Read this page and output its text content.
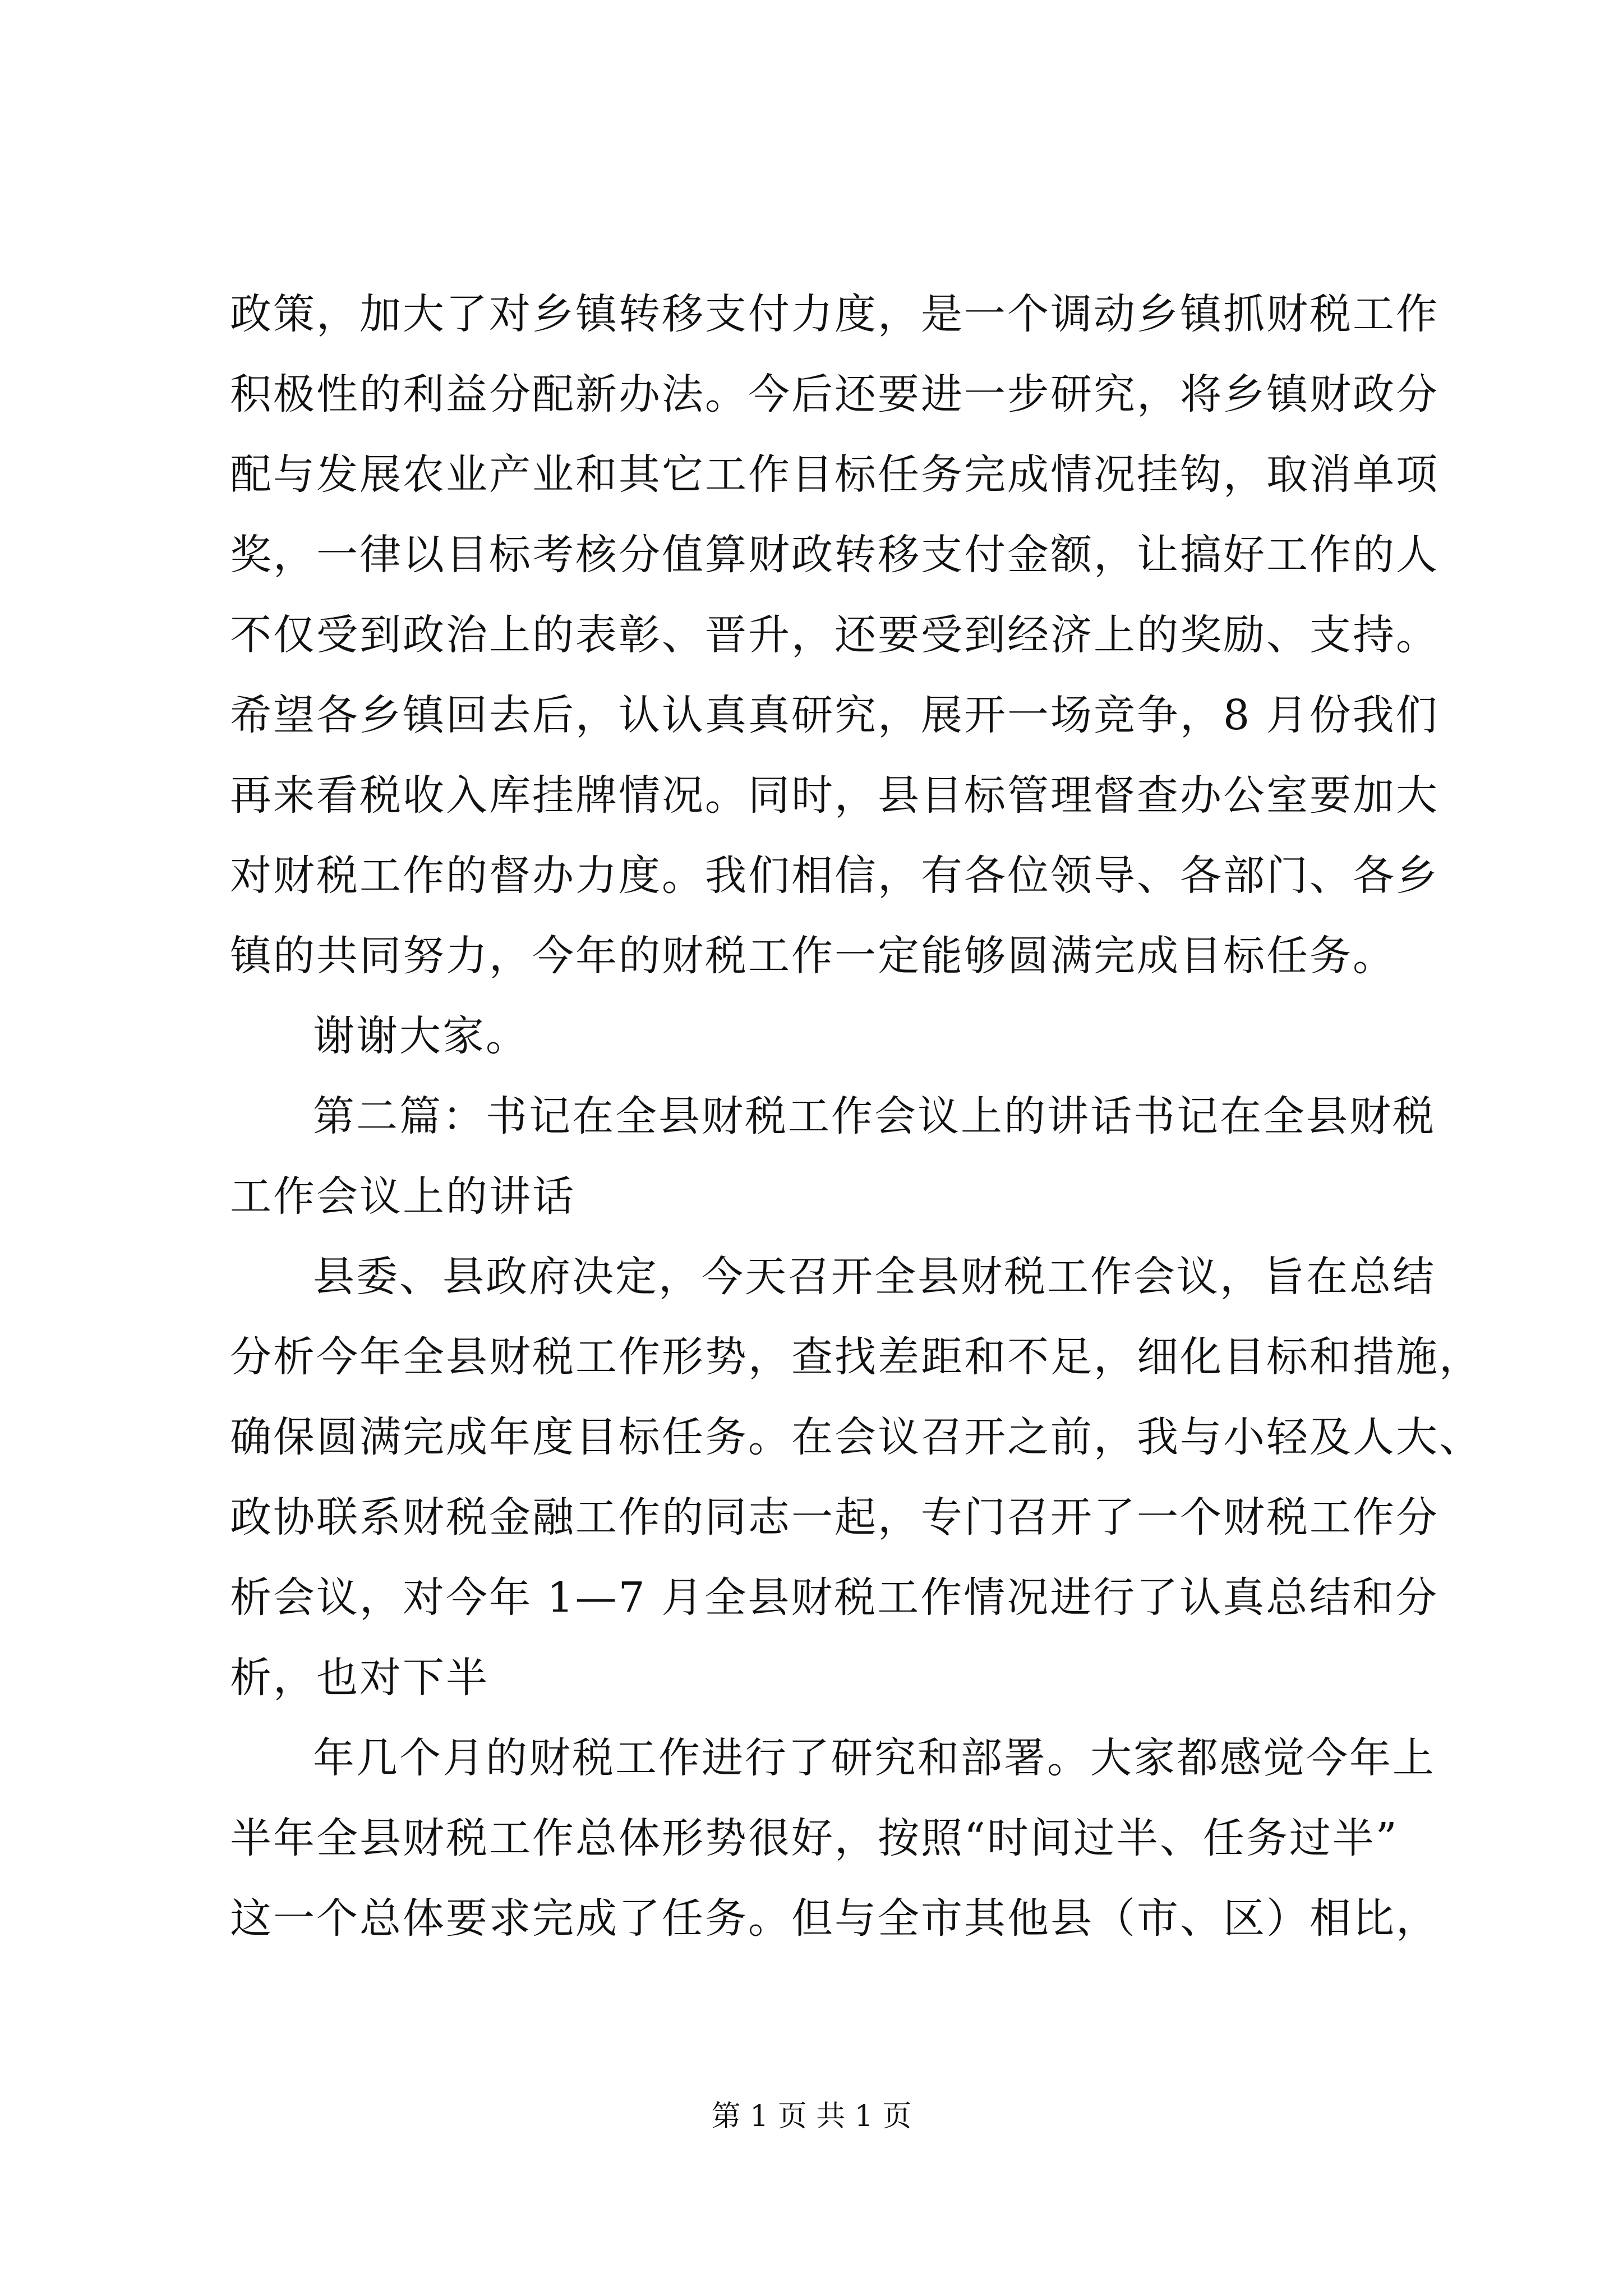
政策，加大了对乡镇转移支付力度，是一个调动乡镇抓财税工作
积极性的利益分配新办法。今后还要进一步研究，将乡镇财政分
配与发展农业产业和其它工作目标任务完成情况挂钩，取消单项
奖，一律以目标考核分值算财政转移支付金额，让搞好工作的人
不仅受到政治上的表彰、晋升，还要受到经济上的奖励、支持。
希望各乡镇回去后，认认真真研究，展开一场竞争，8 月份我们
再来看税收入库挂牌情况。同时，县目标管理督查办公室要加大
对财税工作的督办力度。我们相信，有各位领导、各部门、各乡
镇的共同努力，今年的财税工作一定能够圆满完成目标任务。
谢谢大家。
第二篇：书记在全县财税工作会议上的讲话书记在全县财税
工作会议上的讲话
县委、县政府决定，今天召开全县财税工作会议，旨在总结
分析今年全县财税工作形势，查找差距和不足，细化目标和措施，
确保圆满完成年度目标任务。在会议召开之前，我与小轻及人大、
政协联系财税金融工作的同志一起，专门召开了一个财税工作分
析会议，对今年 1—7 月全县财税工作情况进行了认真总结和分
析，也对下半
年几个月的财税工作进行了研究和部署。大家都感觉今年上
半年全县财税工作总体形势很好，按照“时间过半、任务过半”
这一个总体要求完成了任务。但与全市其他县（市、区）相比，
第 1 页 共 1 页
